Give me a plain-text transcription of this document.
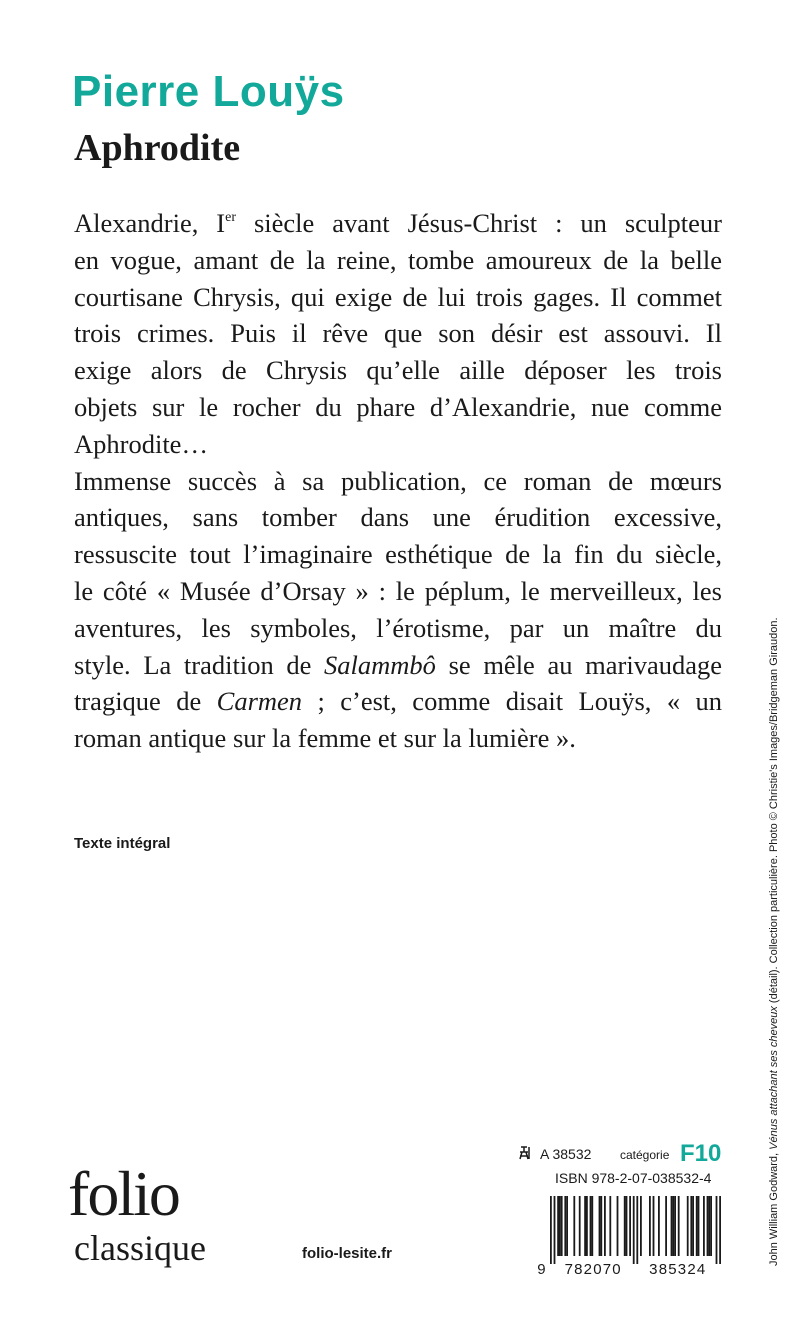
Pierre Louÿs
Aphrodite

Alexandrie, Ier siècle avant Jésus-Christ : un sculpteur
en vogue, amant de la reine, tombe amoureux de la belle
courtisane Chrysis, qui exige de lui trois gages. Il commet
trois crimes. Puis il rêve que son désir est assouvi. Il
exige alors de Chrysis qu’elle aille déposer les trois
objets sur le rocher du phare d’Alexandrie, nue comme
Aphrodite…

Immense succès à sa publication, ce roman de mœurs
antiques, sans tomber dans une érudition excessive,
ressuscite tout l’imaginaire esthétique de la fin du siècle,
le côté « Musée d’Orsay » : le péplum, le merveilleux, les
aventures, les symboles, l’érotisme, par un maître du
style. La tradition de Salammbô se mêle au marivaudage
tragique de Carmen ; c’est, comme disait Louÿs, « un
roman antique sur la femme et sur la lumière ».

Texte intégral
John William Godward, Vénus attachant ses cheveux (détail). Collection particulière. Photo © Christie's Images/Bridgeman Giraudon.
A 38532 catégorie F10
ISBN 978-2-07-038532-4
9 782070 385324
folio
classique	folio-lesite.fr
